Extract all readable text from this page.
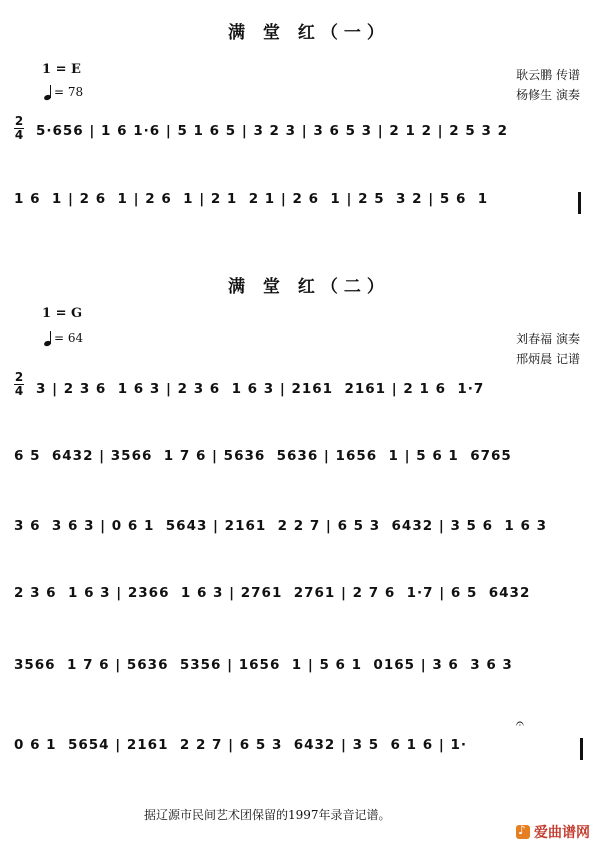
满 堂 红（一）
1 = E
= 78
耿云鹏 传谱
杨修生 演奏
2
4 5·656 | 1 6 1·6 | 5 1 6 5 | 3 2 3 | 3 6 5 3 | 2 1 2 | 2 5 3 2
1 6  1 | 2 6  1 | 2 6  1 | 2 1  2 1 | 2 6  1 | 2 5  3 2 | 5 6  1
满 堂 红（二）
1 = G
= 64	刘春福 演奏
邢炳晨 记谱
2
4 3 | 2 3 6  1 6 3 | 2 3 6  1 6 3 | 2161  2161 | 2 1 6  1·7
6 5  6432 | 3566  1 7 6 | 5636  5636 | 1656  1 | 5 6 1  6765
3 6  3 6 3 | 0 6 1  5643 | 2161  2 2 7 | 6 5 3  6432 | 3 5 6  1 6 3
2 3 6  1 6 3 | 2366  1 6 3 | 2761  2761 | 2 7 6  1·7 | 6 5  6432
3566  1 7 6 | 5636  5356 | 1656  1 | 5 6 1  0165 | 3 6  3 6 3
0 6 1  5654 | 2161  2 2 7 | 6 5 3  6432 | 3 5  6 1 6 | 1·
𝄐
据辽源市民间艺术团保留的1997年录音记谱。
♪
爱曲谱网
